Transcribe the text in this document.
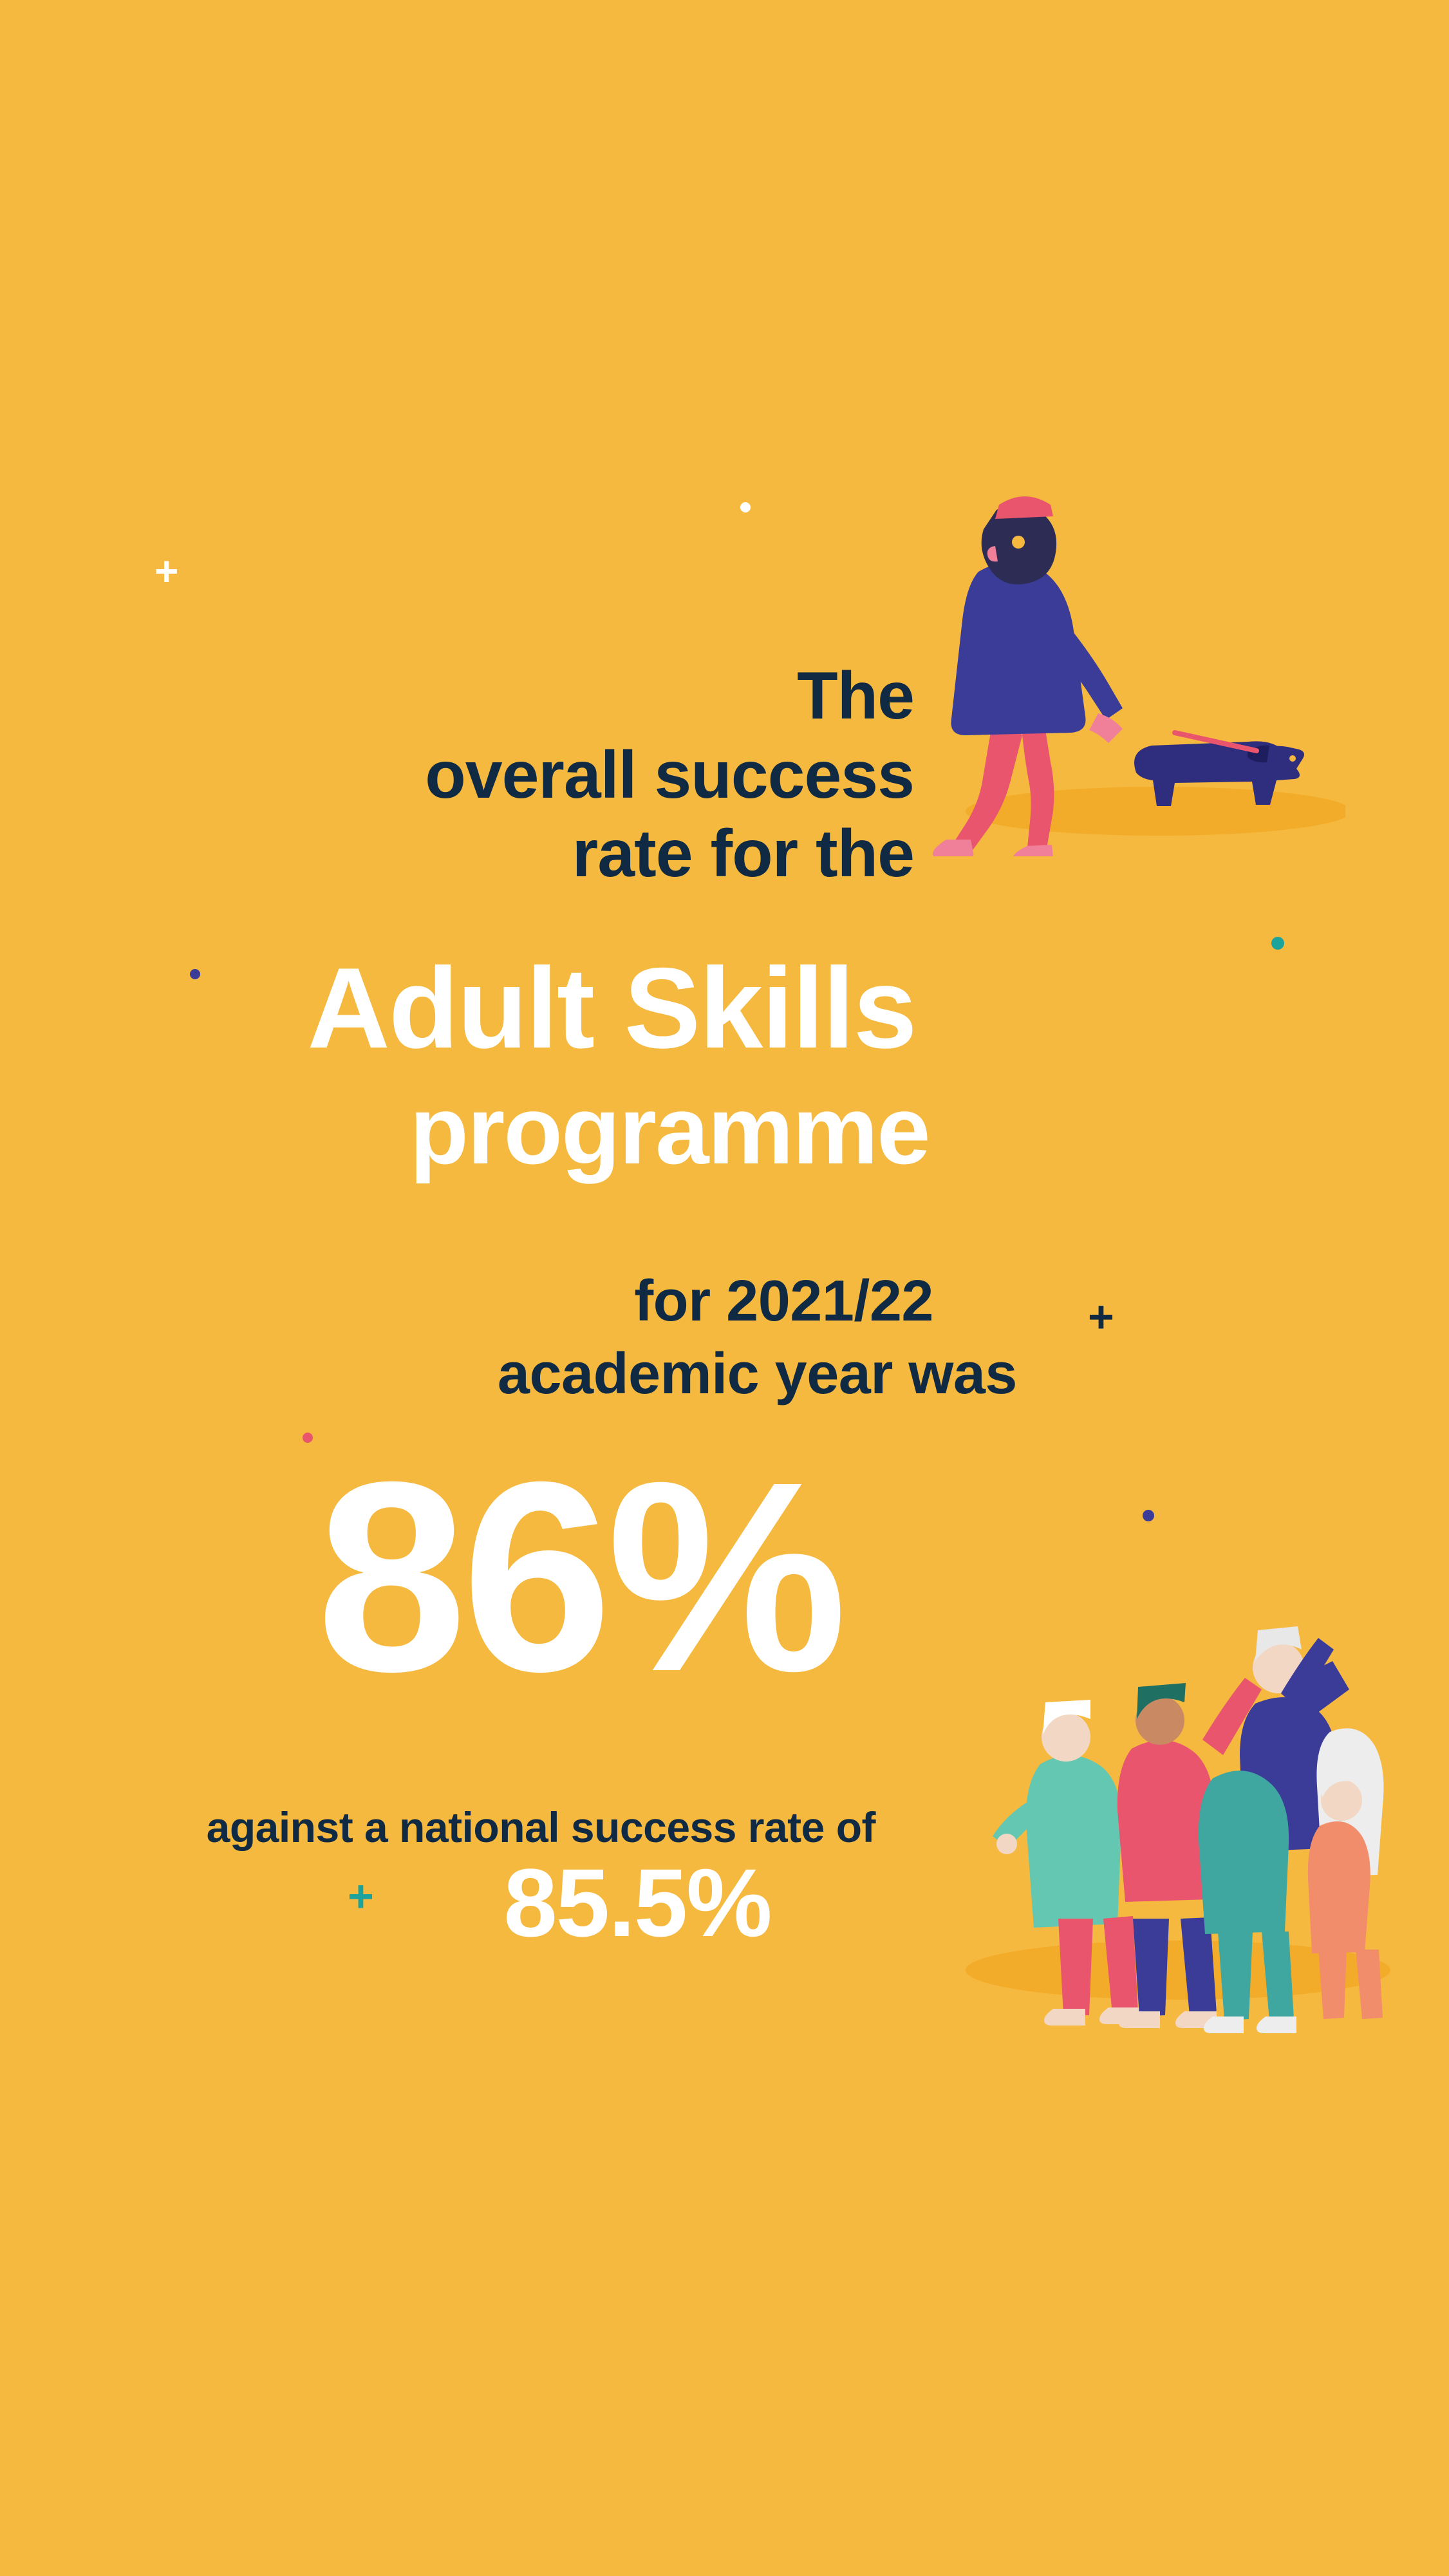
+
+
+
The
overall success
rate for the
Adult Skills
programme
for 2021/22
academic year was
86%
against a national success rate of
85.5%
